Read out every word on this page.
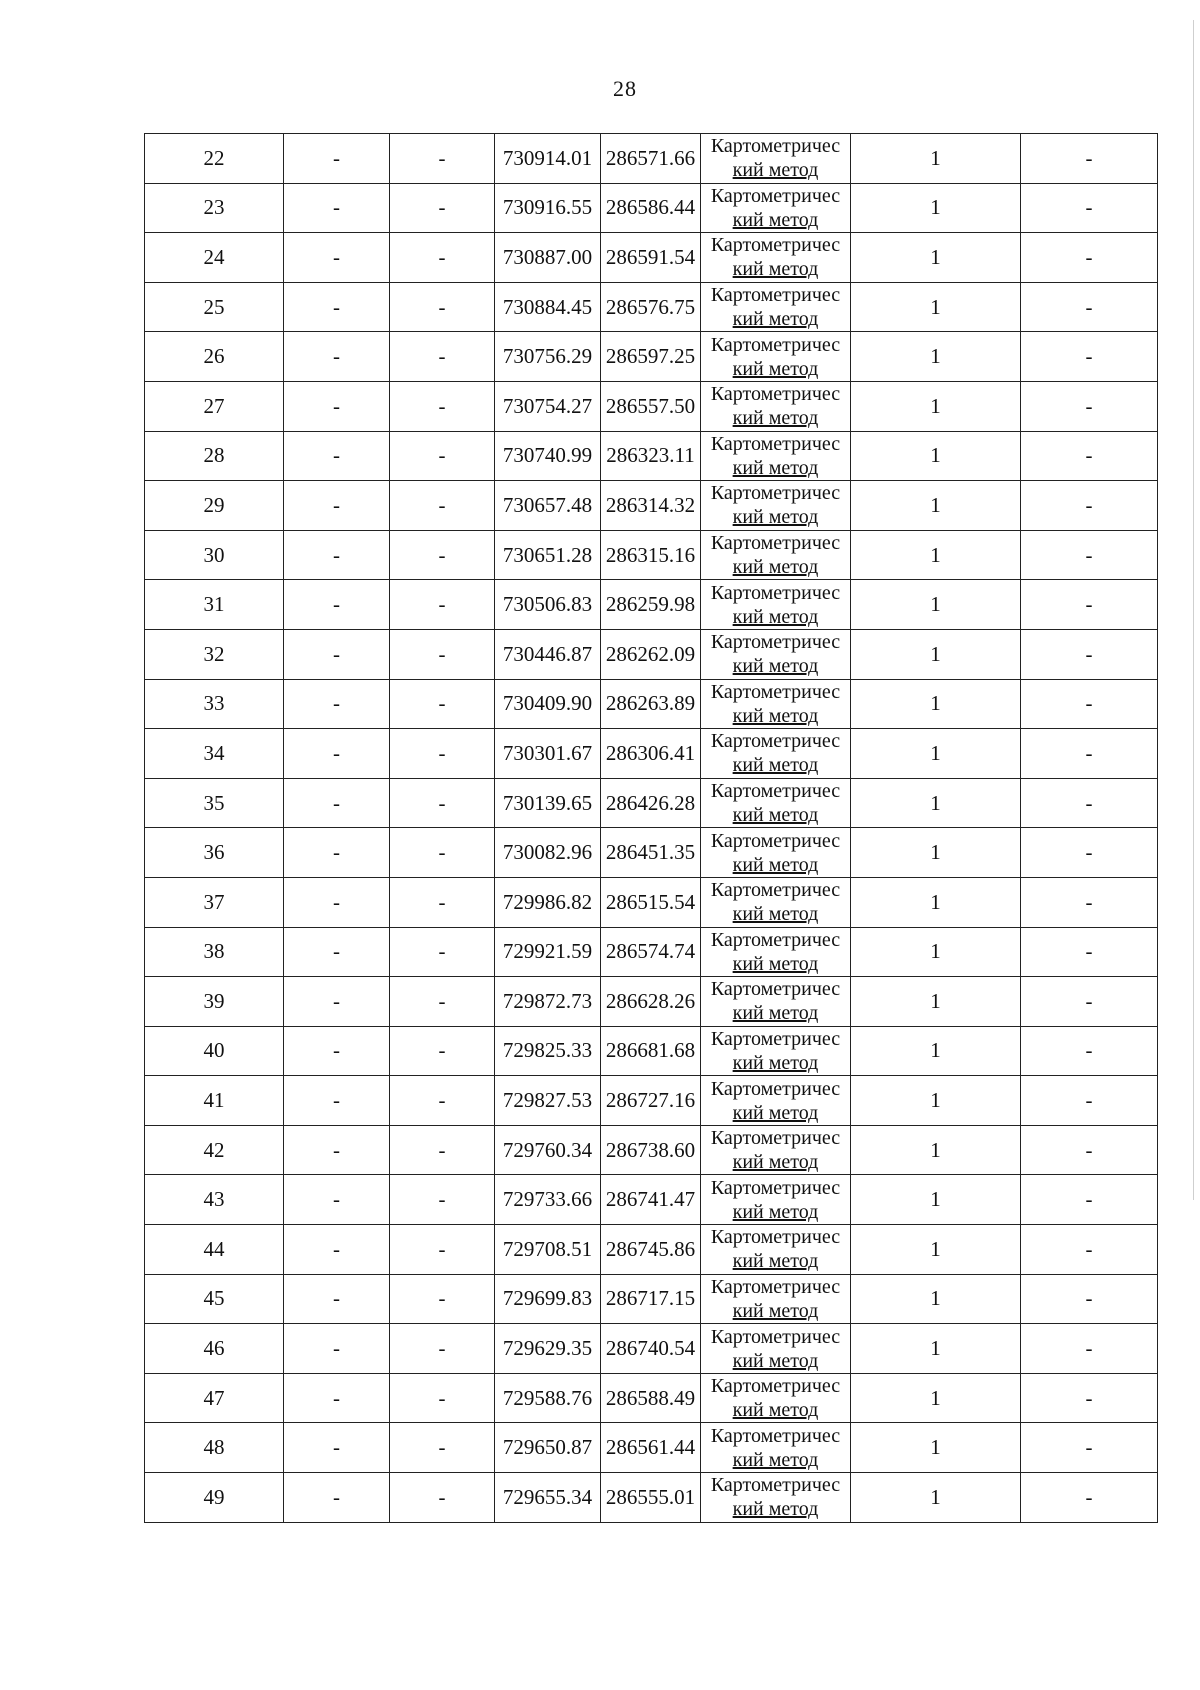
28
22	-	-	730914.01	286571.66	Картометричес
кий метод	1	-
23	-	-	730916.55	286586.44	Картометричес
кий метод	1	-
24	-	-	730887.00	286591.54	Картометричес
кий метод	1	-
25	-	-	730884.45	286576.75	Картометричес
кий метод	1	-
26	-	-	730756.29	286597.25	Картометричес
кий метод	1	-
27	-	-	730754.27	286557.50	Картометричес
кий метод	1	-
28	-	-	730740.99	286323.11	Картометричес
кий метод	1	-
29	-	-	730657.48	286314.32	Картометричес
кий метод	1	-
30	-	-	730651.28	286315.16	Картометричес
кий метод	1	-
31	-	-	730506.83	286259.98	Картометричес
кий метод	1	-
32	-	-	730446.87	286262.09	Картометричес
кий метод	1	-
33	-	-	730409.90	286263.89	Картометричес
кий метод	1	-
34	-	-	730301.67	286306.41	Картометричес
кий метод	1	-
35	-	-	730139.65	286426.28	Картометричес
кий метод	1	-
36	-	-	730082.96	286451.35	Картометричес
кий метод	1	-
37	-	-	729986.82	286515.54	Картометричес
кий метод	1	-
38	-	-	729921.59	286574.74	Картометричес
кий метод	1	-
39	-	-	729872.73	286628.26	Картометричес
кий метод	1	-
40	-	-	729825.33	286681.68	Картометричес
кий метод	1	-
41	-	-	729827.53	286727.16	Картометричес
кий метод	1	-
42	-	-	729760.34	286738.60	Картометричес
кий метод	1	-
43	-	-	729733.66	286741.47	Картометричес
кий метод	1	-
44	-	-	729708.51	286745.86	Картометричес
кий метод	1	-
45	-	-	729699.83	286717.15	Картометричес
кий метод	1	-
46	-	-	729629.35	286740.54	Картометричес
кий метод	1	-
47	-	-	729588.76	286588.49	Картометричес
кий метод	1	-
48	-	-	729650.87	286561.44	Картометричес
кий метод	1	-
49	-	-	729655.34	286555.01	Картометричес
кий метод	1	-
